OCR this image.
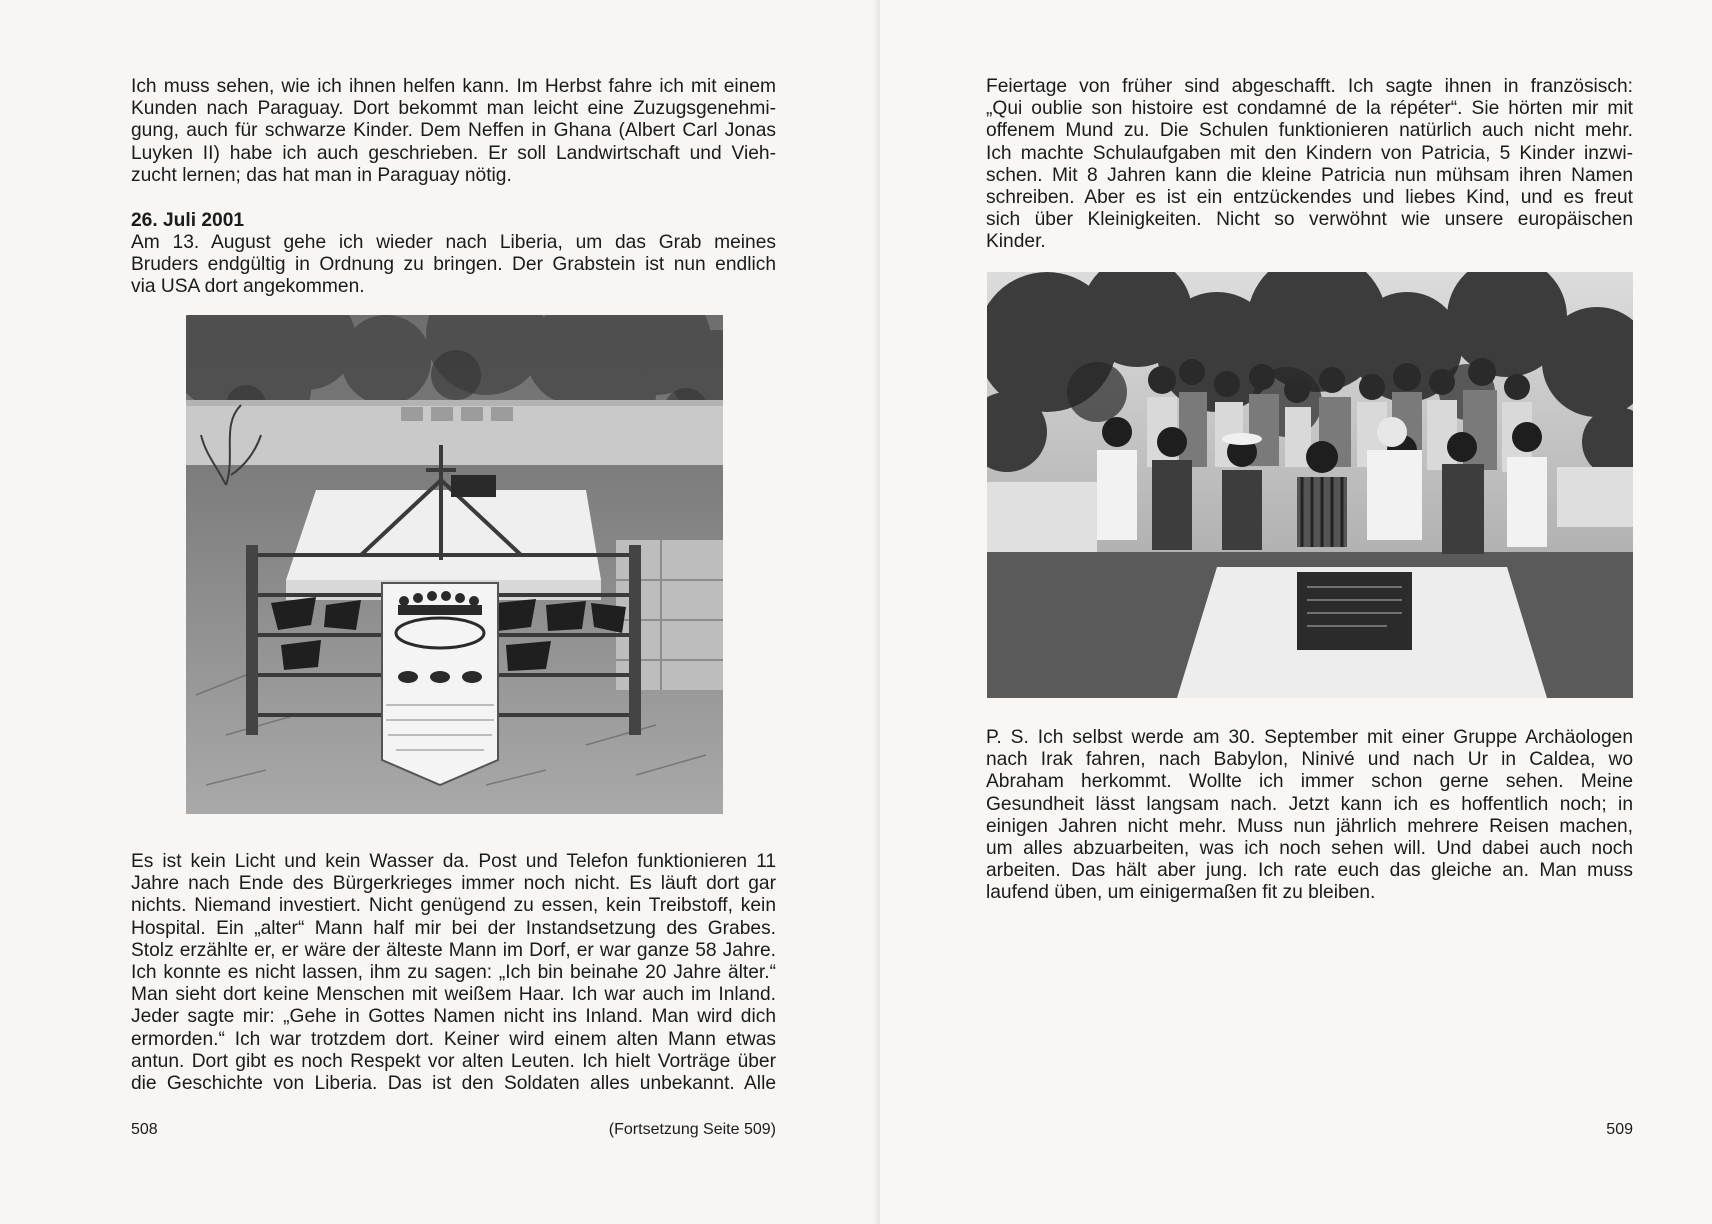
Ich muss sehen, wie ich ihnen helfen kann. Im Herbst fahre ich mit einem
Kunden nach Paraguay. Dort bekommt man leicht eine Zuzugsgenehmi-
gung, auch für schwarze Kinder. Dem Neffen in Ghana (Albert Carl Jonas
Luyken II) habe ich auch geschrieben. Er soll Landwirtschaft und Vieh-
zucht lernen; das hat man in Paraguay nötig.
26. Juli 2001
Am 13. August gehe ich wieder nach Liberia, um das Grab meines
Bruders endgültig in Ordnung zu bringen. Der Grabstein ist nun endlich
via USA dort angekommen.
Es ist kein Licht und kein Wasser da. Post und Telefon funktionieren 11
Jahre nach Ende des Bürgerkrieges immer noch nicht. Es läuft dort gar
nichts. Niemand investiert. Nicht genügend zu essen, kein Treibstoff, kein
Hospital. Ein „alter“ Mann half mir bei der Instandsetzung des Grabes.
Stolz erzählte er, er wäre der älteste Mann im Dorf, er war ganze 58 Jahre.
Ich konnte es nicht lassen, ihm zu sagen: „Ich bin beinahe 20 Jahre älter.“
Man sieht dort keine Menschen mit weißem Haar. Ich war auch im Inland.
Jeder sagte mir: „Gehe in Gottes Namen nicht ins Inland. Man wird dich
ermorden.“ Ich war trotzdem dort. Keiner wird einem alten Mann etwas
antun. Dort gibt es noch Respekt vor alten Leuten. Ich hielt Vorträge über
die Geschichte von Liberia. Das ist den Soldaten alles unbekannt. Alle
508	(Fortsetzung Seite 509)
Feiertage von früher sind abgeschafft. Ich sagte ihnen in französisch:
„Qui oublie son histoire est condamné de la répéter“. Sie hörten mir mit
offenem Mund zu. Die Schulen funktionieren natürlich auch nicht mehr.
Ich machte Schulaufgaben mit den Kindern von Patricia, 5 Kinder inzwi-
schen. Mit 8 Jahren kann die kleine Patricia nun mühsam ihren Namen
schreiben. Aber es ist ein entzückendes und liebes Kind, und es freut
sich über Kleinigkeiten. Nicht so verwöhnt wie unsere europäischen
Kinder.
P. S. Ich selbst werde am 30. September mit einer Gruppe Archäologen
nach Irak fahren, nach Babylon, Ninivé und nach Ur in Caldea, wo
Abraham herkommt. Wollte ich immer schon gerne sehen. Meine
Gesundheit lässt langsam nach. Jetzt kann ich es hoffentlich noch; in
einigen Jahren nicht mehr. Muss nun jährlich mehrere Reisen machen,
um alles abzuarbeiten, was ich noch sehen will. Und dabei auch noch
arbeiten. Das hält aber jung. Ich rate euch das gleiche an. Man muss
laufend üben, um einigermaßen fit zu bleiben.
509
